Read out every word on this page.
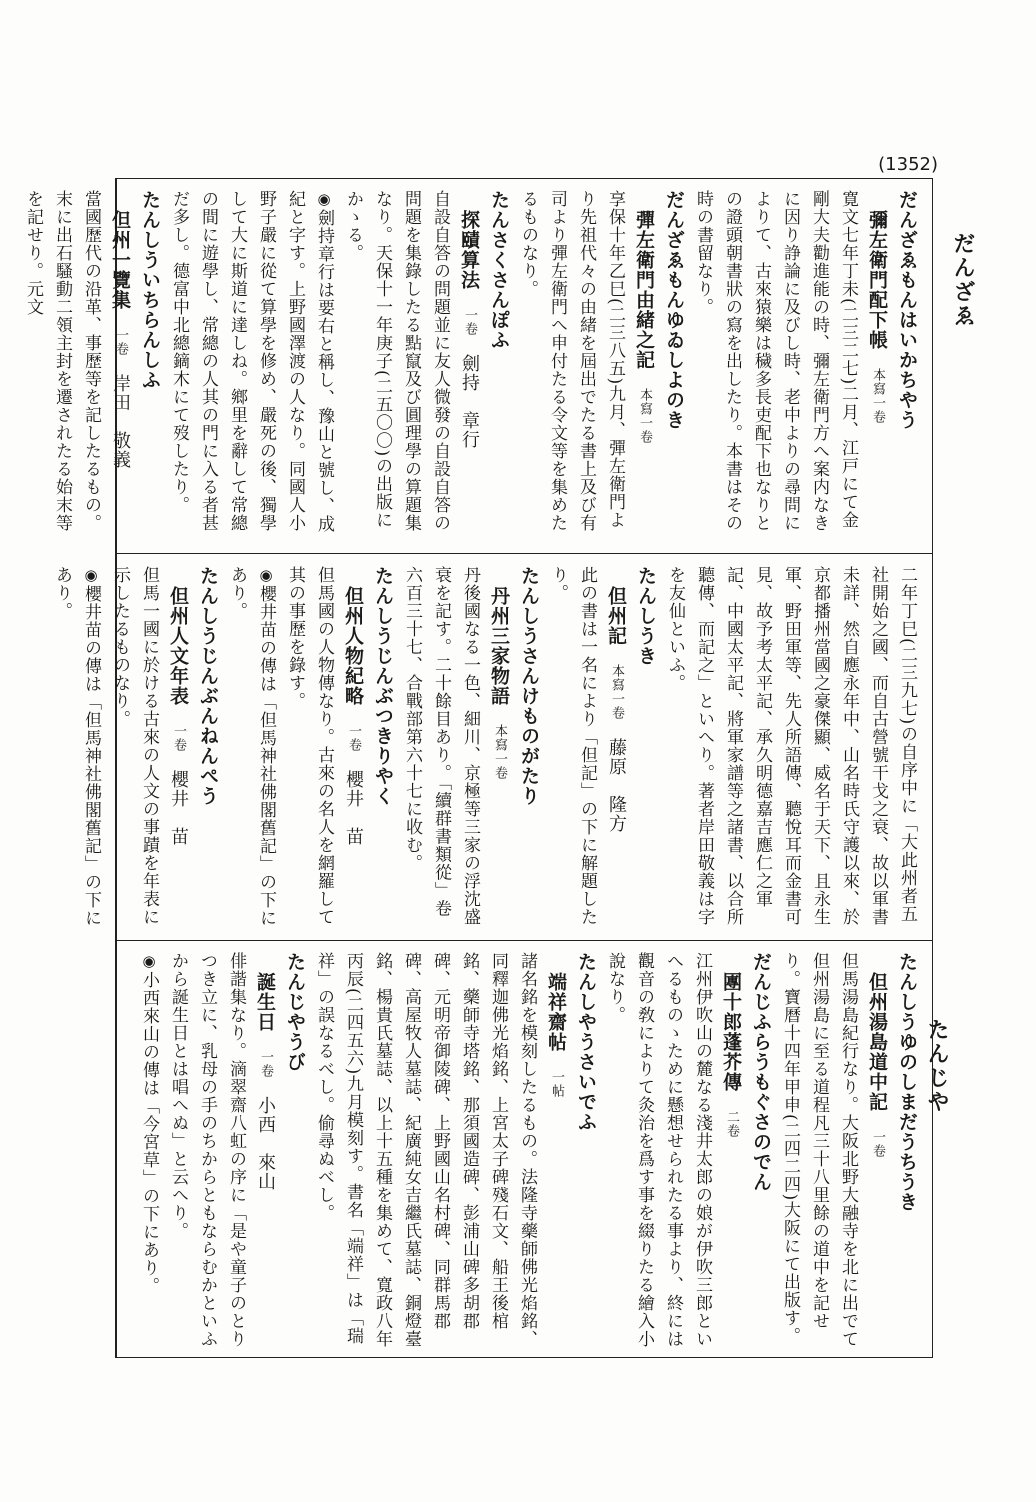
だんざゑ
たんじや
(1352)
だんざゑもんはいかちやう
彌左衛門配下帳本寫一卷
寛文七年丁未(二三二七)二月、江戸にて金剛大夫勸進能の時、彌左衛門方へ案内なきに因り諍論に及びし時、老中よりの尋問によりて、古來猿樂は穢多長吏配下也なりとの證頭朝書狀の寫を出したり。本書はその時の書留なり。
だんざゑもんゆゐしよのき
彈左衛門由緒之記本寫一卷
享保十年乙巳(二三八五)九月、彈左衛門より先祖代々の由緒を屆出でたる書上及び有司より彈左衛門へ申付たる令文等を集めたるものなり。
たんさくさんぽふ
探賾算法一卷劍持　章行
自設自答の問題並に友人微發の自設自答の問題を集錄したる點竄及び圓理學の算題集なり。天保十一年庚子(二五〇〇)の出版にかゝる。
◉劍持章行は要右と稱し、豫山と號し、成紀と字す。上野國澤渡の人なり。同國人小野子嚴に從て算學を修め、嚴死の後、獨學して大に斯道に達しね。鄉里を辭して常總の間に遊學し、常總の人其の門に入る者甚だ多し。德富中北總鏑木にて歿したり。
たんしういちらんしふ
但州一覽集一卷岸田　敬義
當國歷代の沿革、事歷等を記したるもの。末に出石騷動二領主封を遷されたる始末等を記せり。元文
二年丁巳(二三九七)の自序中に「大此州者五社開始之國、而自古營號干戈之衰、故以軍書未詳、然自應永年中、山名時氏守護以來、於京都播州當國之豪傑顯、威名于天下、且永生軍、野田軍等、先人所語傳、聽悅耳而金書可見、故予考太平記、承久明德嘉吉應仁之軍記、中國太平記、將軍家譜等之諸書、以合所聽傳、而記之」といへり。著者岸田敬義は字を友仙といふ。
たんしうき
但州記本寫一卷藤原　隆方
此の書は一名により「但記」の下に解題したり。
たんしうさんけものがたり
丹州三家物語本寫一卷
丹後國なる一色、細川、京極等三家の浮沈盛衰を記す。二十餘目あり。「續群書類從」卷六百三十七、合戰部第六十七に收む。
たんしうじんぶつきりやく
但州人物紀略一卷櫻井　苗
但馬國の人物傳なり。古來の名人を網羅して其の事歷を錄す。
◉櫻井苗の傳は「但馬神社佛閣舊記」の下にあり。
たんしうじんぶんねんぺう
但州人文年表一卷櫻井　苗
但馬一國に於ける古來の人文の事蹟を年表に示したるものなり。
◉櫻井苗の傳は「但馬神社佛閣舊記」の下にあり。
たんしうゆのしまだうちうき
但州湯島道中記一卷
但馬湯島紀行なり。大阪北野大融寺を北に出でて但州湯島に至る道程凡三十八里餘の道中を記せり。寶曆十四年甲申(二四二四)大阪にて出版す。
だんじふらうもぐさのでん
團十郎蓬芥傳二卷
江州伊吹山の麓なる淺井太郎の娘が伊吹三郎といへるものゝために懸想せられたる事より、終には觀音の敎によりて灸治を爲す事を綴りたる繪入小說なり。
たんしやうさいでふ
端祥齋帖一帖
諸名銘を模刻したるもの。法隆寺藥師佛光焰銘、同釋迦佛光焰銘、上宮太子碑殘石文、船王後棺銘、藥師寺塔銘、那須國造碑、彭浦山碑多胡郡碑、元明帝御陵碑、上野國山名村碑、同群馬郡碑、高屋牧人墓誌、紀廣純女吉繼氏墓誌、銅燈臺銘、楊貴氏墓誌、以上十五種を集めて、寬政八年丙辰(二四五六)九月模刻す。書名「端祥」は「瑞祥」の誤なるべし。偷尋ぬべし。
たんじやうび
誕生日一卷小西　來山
俳諧集なり。滴翠齋八虹の序に「是や童子のとりつき立に、乳母の手のちからともならむかといふから誕生日とは唱へぬ」と云へり。
◉小西來山の傳は「今宮草」の下にあり。
